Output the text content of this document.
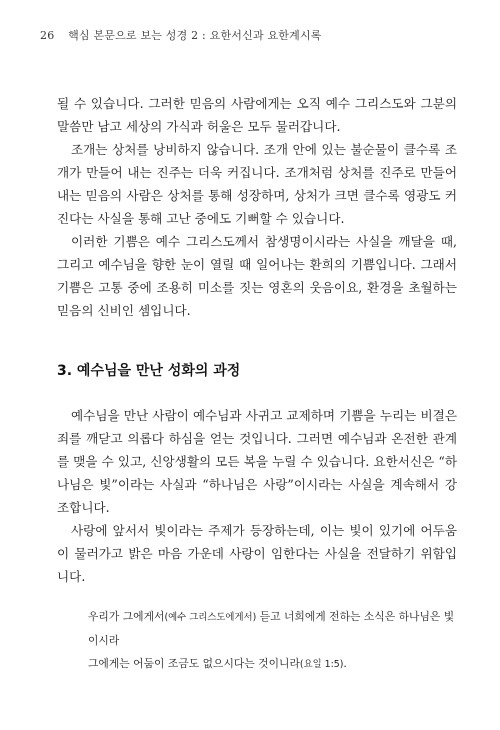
26 핵심 본문으로 보는 성경 2 : 요한서신과 요한계시록

될 수 있습니다. 그러한 믿음의 사람에게는 오직 예수 그리스도와 그분의 말씀만 남고 세상의 가식과 허울은 모두 물러갑니다.

조개는 상처를 낭비하지 않습니다. 조개 안에 있는 불순물이 클수록 조개가 만들어 내는 진주는 더욱 커집니다. 조개처럼 상처를 진주로 만들어 내는 믿음의 사람은 상처를 통해 성장하며, 상처가 크면 클수록 영광도 커진다는 사실을 통해 고난 중에도 기뻐할 수 있습니다.

이러한 기쁨은 예수 그리스도께서 참생명이시라는 사실을 깨달을 때, 그리고 예수님을 향한 눈이 열릴 때 일어나는 환희의 기쁨입니다. 그래서 기쁨은 고통 중에 조용히 미소를 짓는 영혼의 웃음이요, 환경을 초월하는 믿음의 신비인 셈입니다.

3. 예수님을 만난 성화의 과정

예수님을 만난 사람이 예수님과 사귀고 교제하며 기쁨을 누리는 비결은 죄를 깨닫고 의롭다 하심을 얻는 것입니다. 그러면 예수님과 온전한 관계를 맺을 수 있고, 신앙생활의 모든 복을 누릴 수 있습니다. 요한서신은 “하나님은 빛”이라는 사실과 “하나님은 사랑”이시라는 사실을 계속해서 강조합니다.

사랑에 앞서서 빛이라는 주제가 등장하는데, 이는 빛이 있기에 어두움이 물러가고 밝은 마음 가운데 사랑이 임한다는 사실을 전달하기 위함입니다.

우리가 그에게서(예수 그리스도에게서) 듣고 너희에게 전하는 소식은 하나님은 빛이시라

그에게는 어둠이 조금도 없으시다는 것이니라(요일 1:5).
